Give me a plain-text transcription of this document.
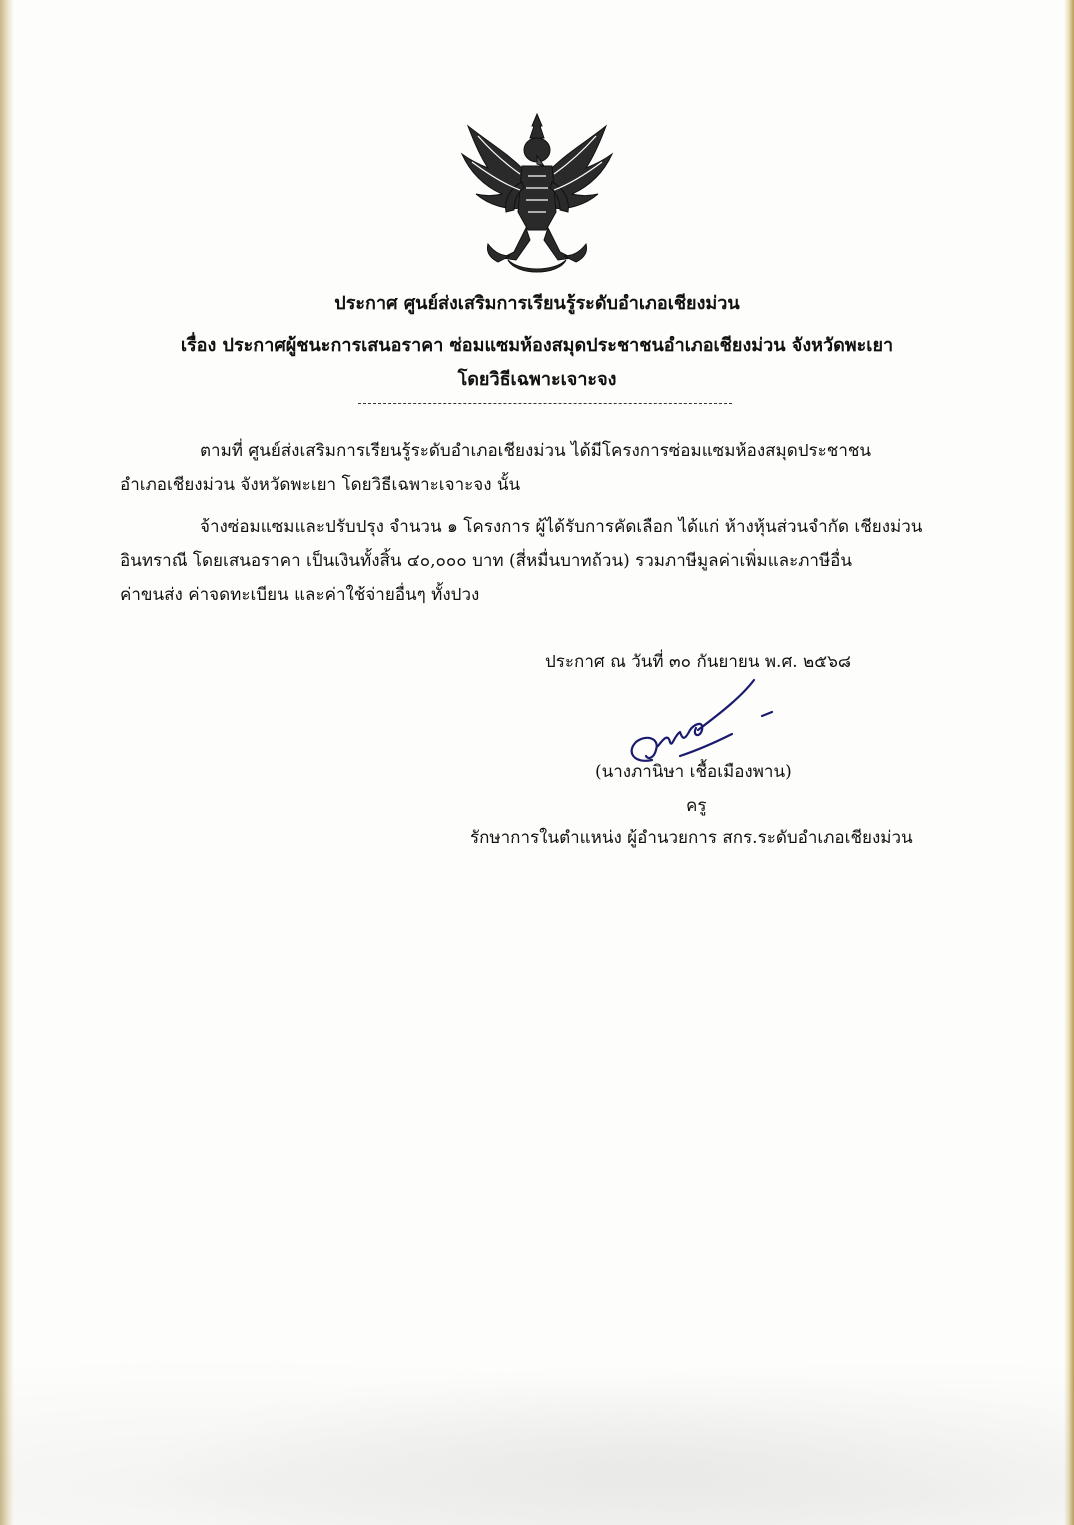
ประกาศ ศูนย์ส่งเสริมการเรียนรู้ระดับอำเภอเชียงม่วน
เรื่อง ประกาศผู้ชนะการเสนอราคา ซ่อมแซมห้องสมุดประชาชนอำเภอเชียงม่วน จังหวัดพะเยา
โดยวิธีเฉพาะเจาะจง
ตามที่ ศูนย์ส่งเสริมการเรียนรู้ระดับอำเภอเชียงม่วน ได้มีโครงการซ่อมแซมห้องสมุดประชาชน
อำเภอเชียงม่วน จังหวัดพะเยา โดยวิธีเฉพาะเจาะจง นั้น
จ้างซ่อมแซมและปรับปรุง จำนวน ๑ โครงการ ผู้ได้รับการคัดเลือก ได้แก่ ห้างหุ้นส่วนจำกัด เชียงม่วน
อินทราณี โดยเสนอราคา เป็นเงินทั้งสิ้น ๔๐,๐๐๐ บาท (สี่หมื่นบาทถ้วน) รวมภาษีมูลค่าเพิ่มและภาษีอื่น
ค่าขนส่ง ค่าจดทะเบียน และค่าใช้จ่ายอื่นๆ ทั้งปวง
ประกาศ ณ วันที่ ๓๐ กันยายน พ.ศ. ๒๕๖๘
(นางภานิษา เชื้อเมืองพาน)
ครู
รักษาการในตำแหน่ง ผู้อำนวยการ สกร.ระดับอำเภอเชียงม่วน
